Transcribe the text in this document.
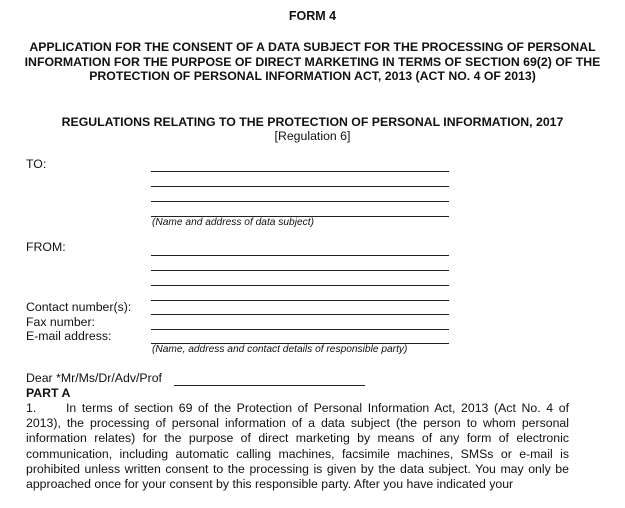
FORM 4
APPLICATION FOR THE CONSENT OF A DATA SUBJECT FOR THE PROCESSING OF PERSONAL INFORMATION FOR THE PURPOSE OF DIRECT MARKETING IN TERMS OF SECTION 69(2) OF THE PROTECTION OF PERSONAL INFORMATION ACT, 2013 (ACT NO. 4 OF 2013)
REGULATIONS RELATING TO THE PROTECTION OF PERSONAL INFORMATION, 2017
[Regulation 6]
TO:
(Name and address of data subject)
FROM:
Contact number(s):
Fax number:
E-mail address:
(Name, address and contact details of responsible party)
Dear *Mr/Ms/Dr/Adv/Prof
PART A
1. In terms of section 69 of the Protection of Personal Information Act, 2013 (Act No. 4 of 2013), the processing of personal information of a data subject (the person to whom personal information relates) for the purpose of direct marketing by means of any form of electronic communication, including automatic calling machines, facsimile machines, SMSs or e-mail is prohibited unless written consent to the processing is given by the data subject. You may only be approached once for your consent by this responsible party. After you have indicated your
